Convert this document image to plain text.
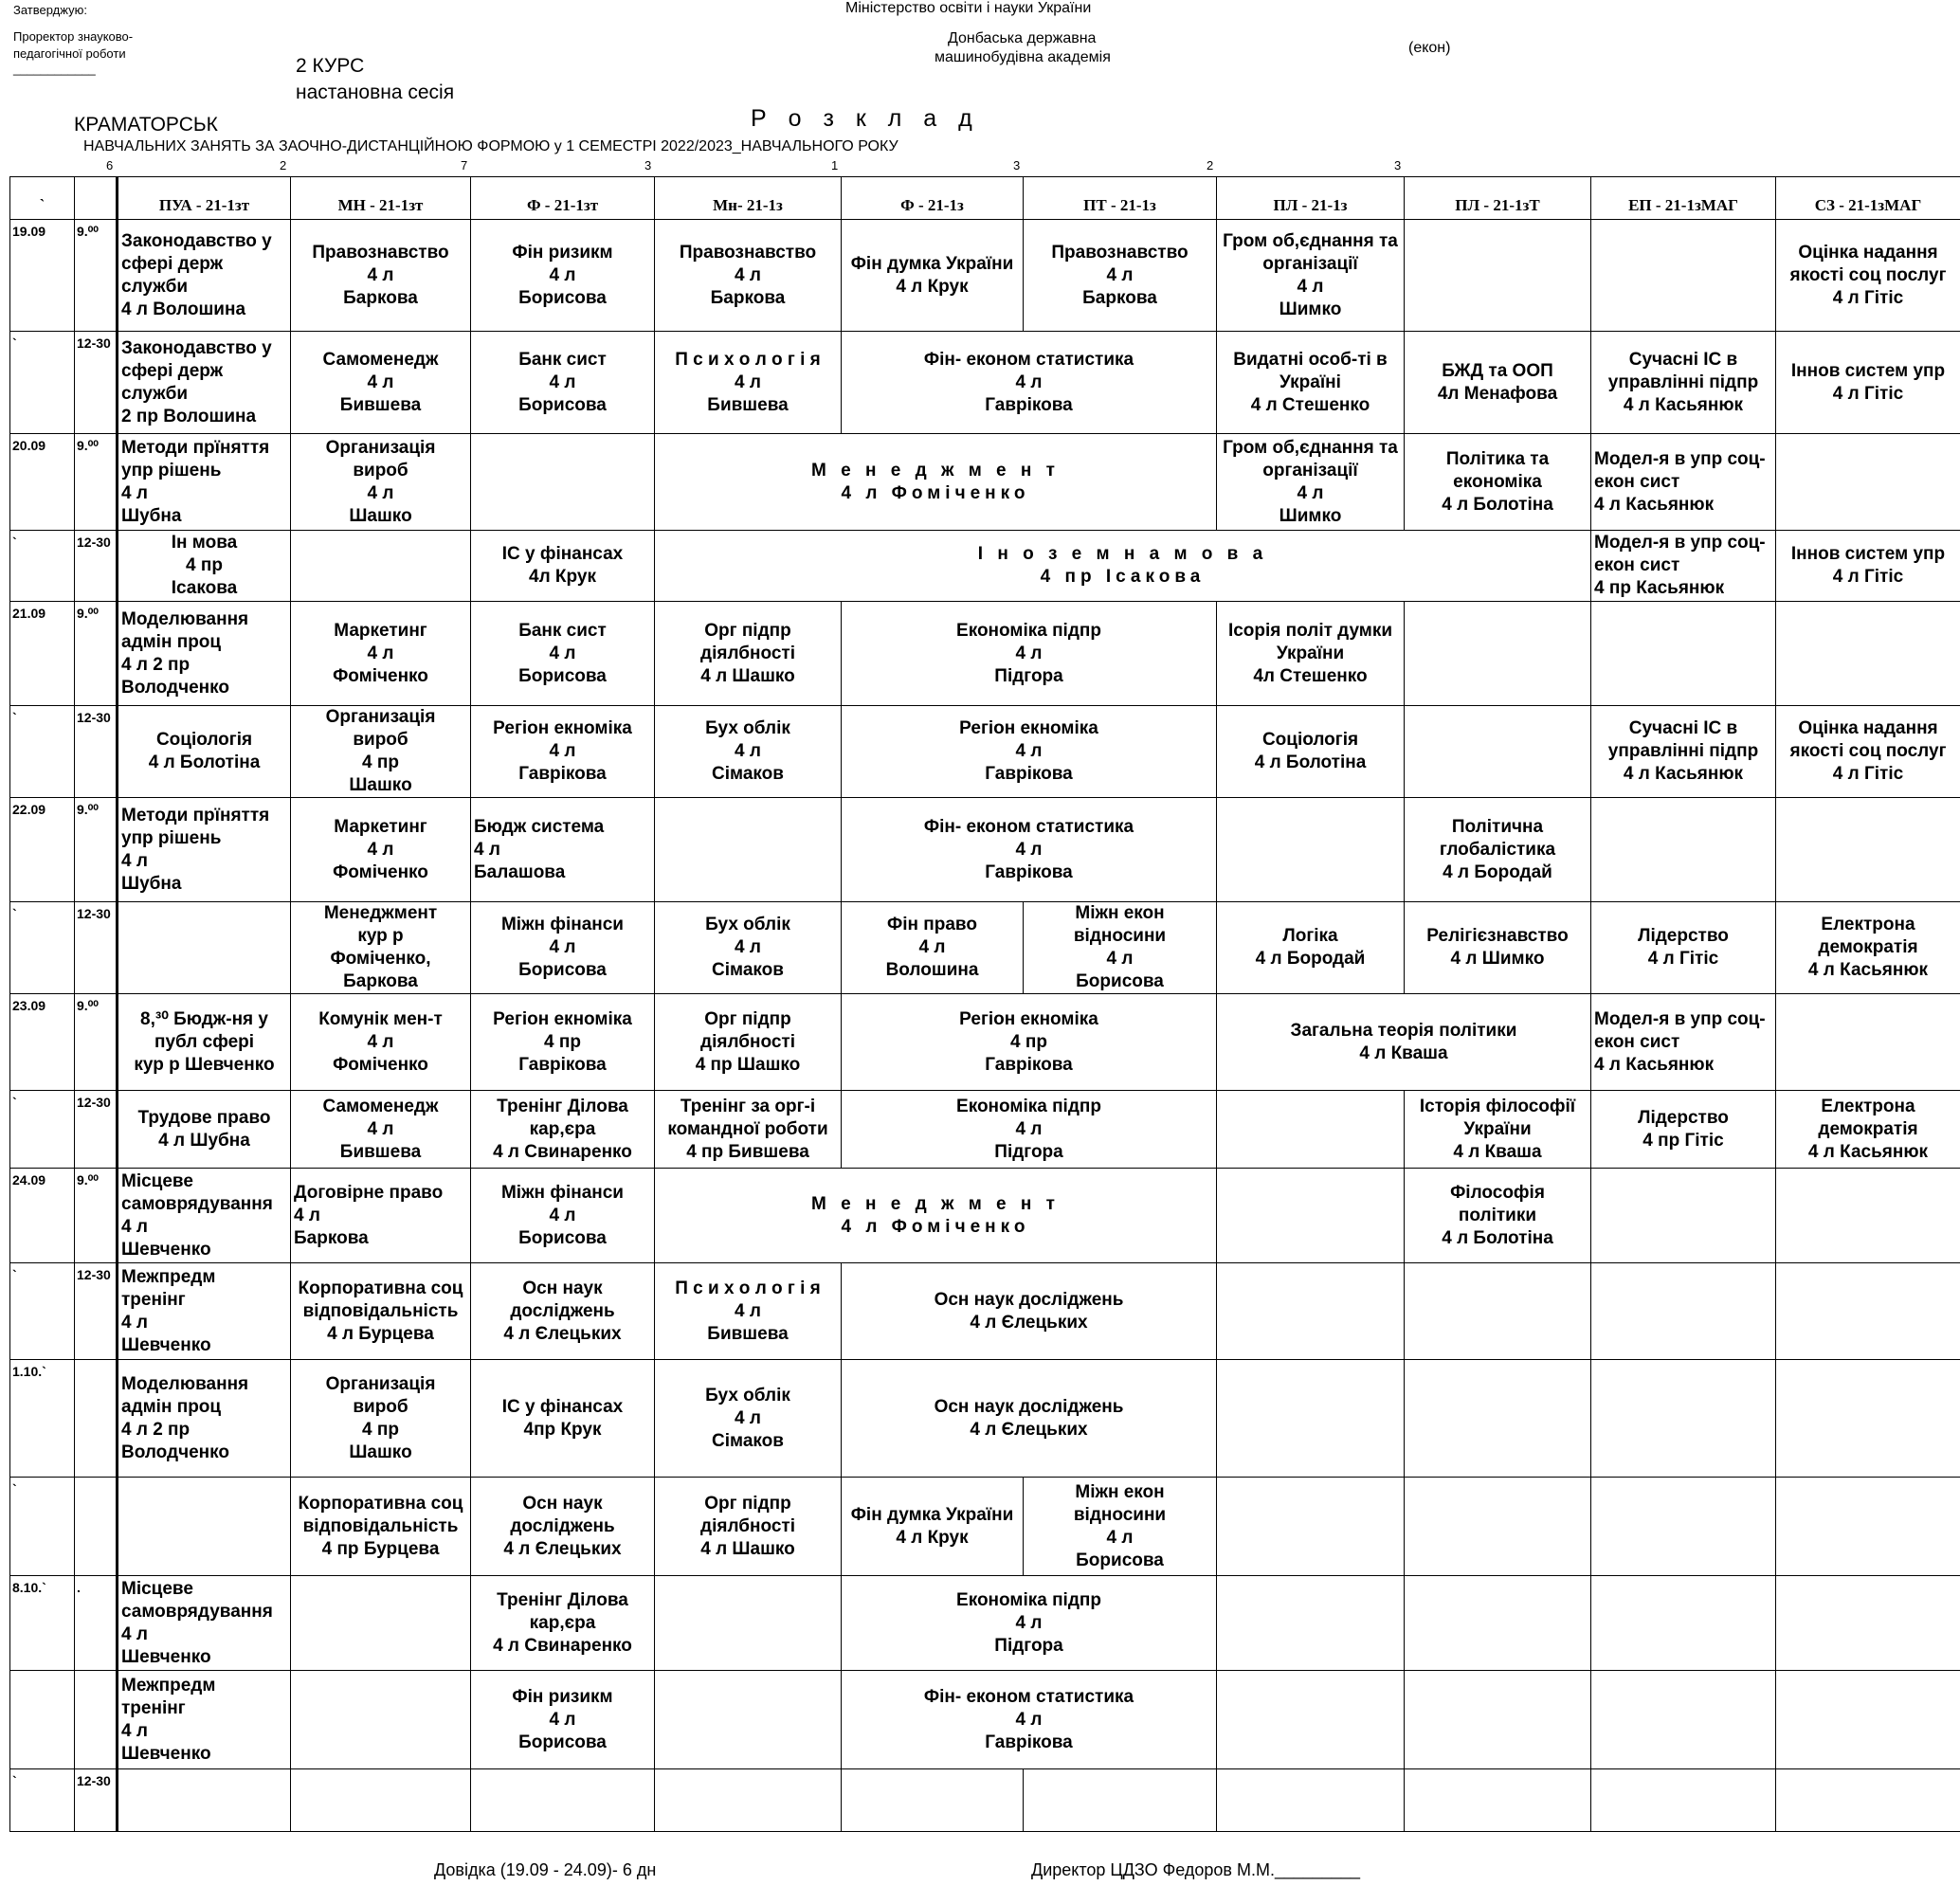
Затверджую:
Проректор знауково-
педагогічної роботи
____________
Міністерство освіти і науки України
Донбаська державна
машинобудівна академія
(екон)
2 КУРС
настановна сесія
КРАМАТОРСЬК	Р о з к л а д
НАВЧАЛЬНИХ ЗАНЯТЬ ЗА ЗАОЧНО-ДИСТАНЦІЙНОЮ ФОРМОЮ у 1 СЕМЕСТРІ 2022/2023_НАВЧАЛЬНОГО РОКУ
6	2	7	3	1	3	2	3
`		ПУА - 21-1зт	МН - 21-1зт	Ф - 21-1зт	Мн- 21-1з	Ф - 21-1з	ПТ - 21-1з	ПЛ - 21-1з	ПЛ - 21-1зТ	ЕП - 21-1зМАГ	СЗ - 21-1зМАГ
19.09	9.⁰⁰	Законодавство у
сфері держ
служби
4 л Волошина	Правознавство
4 л
Баркова	Фін ризикм
4 л
Борисова	Правознавство
4 л
Баркова	Фін думка України
4 л Крук	Правознавство
4 л
Баркова	Гром об,єднання та
організації
4 л
Шимко			Оцінка надання
якості соц послуг
4 л Гітіс
`	12-30	Законодавство у
сфері держ
служби
2 пр Волошина	Самоменедж
4 л
Бившева	Банк сист
4 л
Борисова	П с и х о л о г і я
4 л
Бившева	Фін- економ статистика
4 л
Гаврікова		Видатні особ-ті в
Україні
4 л Стешенко	БЖД та ООП
4л Менафова	Сучасні ІС в
управлінні підпр
4 л Касьянюк	Іннов систем упр
4 л Гітіс
20.09	9.⁰⁰	Методи прїняття
упр рішень
4 л
Шубна	Организація
вироб
4 л
Шашко		М е н е д ж м е н т
4 л Фоміченко			Гром об,єднання та
організації
4 л
Шимко	Політика та
економіка
4 л Болотіна	Модел-я в упр соц-
екон сист
4 л Касьянюк	
`	12-30	Ін мова
4 пр
Ісакова		ІС у фінансах
4л Крук	І н о з е м н а м о в а
4 пр Ісакова					Модел-я в упр соц-
екон сист
4 пр Касьянюк	Іннов систем упр
4 л Гітіс
21.09	9.⁰⁰	Моделювання
адмін проц
4 л 2 пр
Володченко	Маркетинг
4 л
Фоміченко	Банк сист
4 л
Борисова	Орг підпр
діялбності
4 л Шашко	Економіка підпр
4 л
Підгора		Ісорія політ думки
України
4л Стешенко			
`	12-30	Соціологія
4 л Болотіна	Организація
вироб
4 пр
Шашко	Регіон екноміка
4 л
Гаврікова	Бух облік
4 л
Сімаков	Регіон екноміка
4 л
Гаврікова		Соціологія
4 л Болотіна		Сучасні ІС в
управлінні підпр
4 л Касьянюк	Оцінка надання
якості соц послуг
4 л Гітіс
22.09	9.⁰⁰	Методи прїняття
упр рішень
4 л
Шубна	Маркетинг
4 л
Фоміченко	Бюдж система
4 л
Балашова		Фін- економ статистика
4 л
Гаврікова			Політична
глобалістика
4 л Бородай		
`	12-30		Менеджмент
кур р
Фоміченко,
Баркова	Міжн фінанси
4 л
Борисова	Бух облік
4 л
Сімаков	Фін право
4 л
Волошина	Міжн екон
відносини
4 л
Борисова	Логіка
4 л Бородай	Релігієзнавство
4 л Шимко	Лідерство
4 л Гітіс	Електрона
демократія
4 л Касьянюк
23.09	9.⁰⁰	8,³⁰ Бюдж-ня у
публ сфері
кур р Шевченко	Комунік мен-т
4 л
Фоміченко	Регіон екноміка
4 пр
Гаврікова	Орг підпр
діялбності
4 пр Шашко	Регіон екноміка
4 пр
Гаврікова		Загальна теорія політики
4 л Кваша		Модел-я в упр соц-
екон сист
4 л Касьянюк	
`	12-30	Трудове право
4 л Шубна	Самоменедж
4 л
Бившева	Тренінг Ділова
кар,єра
4 л Свинаренко	Тренінг за орг-і
командної роботи
4 пр Бившева	Економіка підпр
4 л
Підгора			Історія філософії
України
4 л Кваша	Лідерство
4 пр Гітіс	Електрона
демократія
4 л Касьянюк
24.09	9.⁰⁰	Місцеве
самоврядування
4 л
Шевченко	Договірне право
4 л
Баркова	Міжн фінанси
4 л
Борисова	М е н е д ж м е н т
4 л Фоміченко				Філософія
політики
4 л Болотіна		
`	12-30	Межпредм
тренінг
4 л
Шевченко	Корпоративна соц
відповідальність
4 л Бурцева	Осн наук
досліджень
4 л Єлецьких	П с и х о л о г і я
4 л
Бившева	Осн наук досліджень
4 л Єлецьких					
1.10.`		Моделювання
адмін проц
4 л 2 пр
Володченко	Организація
вироб
4 пр
Шашко	ІС у фінансах
4пр Крук	Бух облік
4 л
Сімаков	Осн наук досліджень
4 л Єлецьких					
`			Корпоративна соц
відповідальність
4 пр Бурцева	Осн наук
досліджень
4 л Єлецьких	Орг підпр
діялбності
4 л Шашко	Фін думка України
4 л Крук	Міжн екон
відносини
4 л
Борисова				
8.10.`	.	Місцеве
самоврядування
4 л
Шевченко		Тренінг Ділова
кар,єра
4 л Свинаренко		Економіка підпр
4 л
Підгора					
		Межпредм
тренінг
4 л
Шевченко		Фін ризикм
4 л
Борисова		Фін- економ статистика
4 л
Гаврікова					
`	12-30										
Довідка (19.09 - 24.09)- 6 дн	Директор ЦДЗО Федоров М.М._________
